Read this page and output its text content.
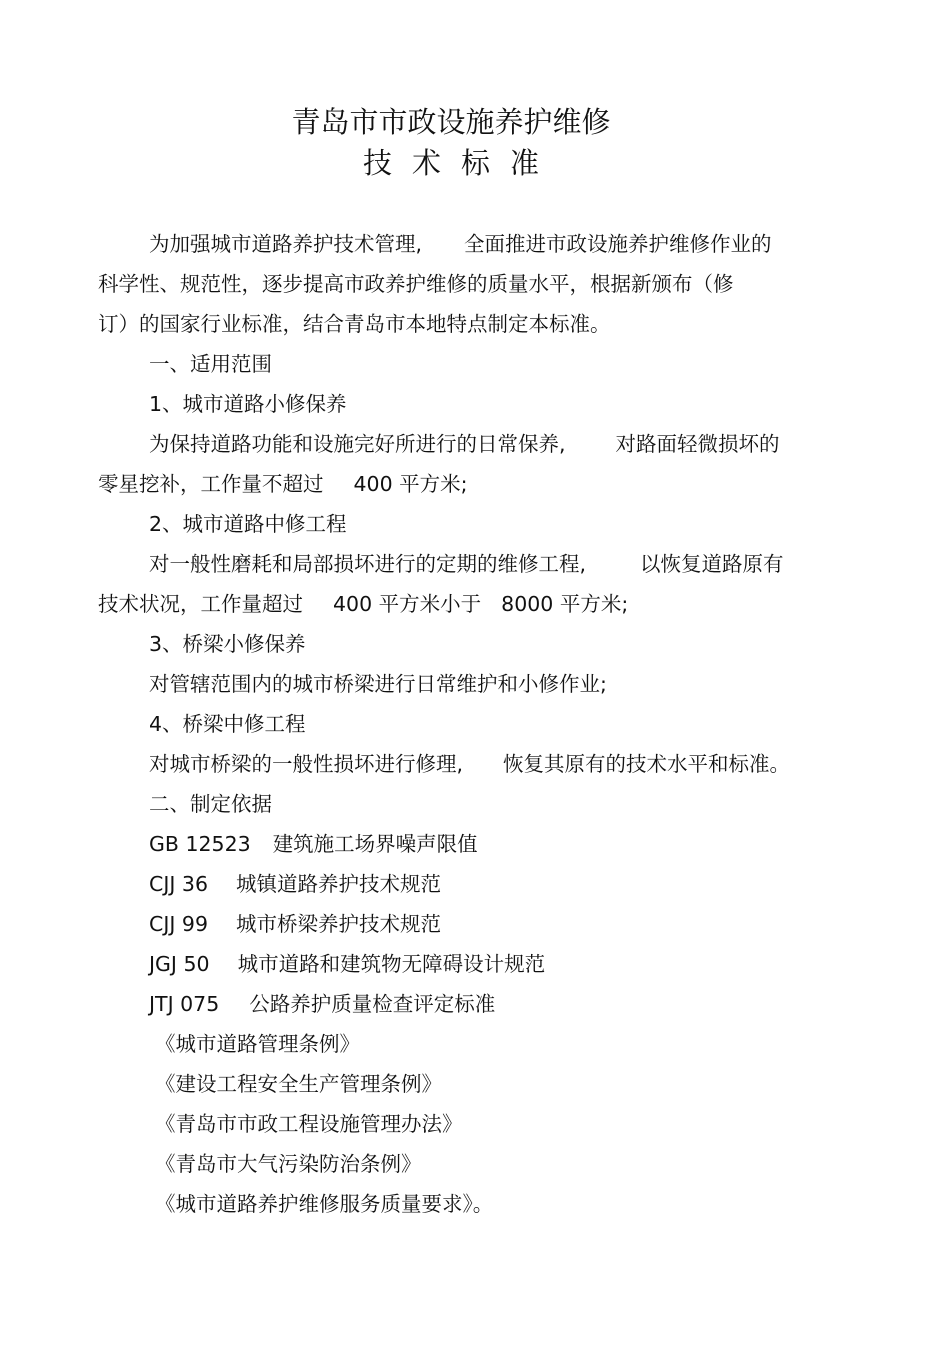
青岛市市政设施养护维修
技术标准
为加强城市道路养护技术管理, 全面推进市政设施养护维修作业的
科学性、规范性，逐步提高市政养护维修的质量水平，根据新颁布（修
订）的国家行业标准，结合青岛市本地特点制定本标准。
一、适用范围
1、城市道路小修保养
为保持道路功能和设施完好所进行的日常保养, 对路面轻微损坏的
零星挖补，工作量不超过 400 平方米;
2、城市道路中修工程
对一般性磨耗和局部损坏进行的定期的维修工程,	以恢复道路原有
技术状况，工作量超过 400 平方米小于 8000 平方米;
3、桥梁小修保养
对管辖范围内的城市桥梁进行日常维护和小修作业;
4、桥梁中修工程
对城市桥梁的一般性损坏进行修理, 恢复其原有的技术水平和标准。
二、制定依据
GB 12523 建筑施工场界噪声限值
CJJ 36 城镇道路养护技术规范
CJJ 99 城市桥梁养护技术规范
JGJ 50 城市道路和建筑物无障碍设计规范
JTJ 075 公路养护质量检查评定标准
《城市道路管理条例》
《建设工程安全生产管理条例》
《青岛市市政工程设施管理办法》
《青岛市大气污染防治条例》
《城市道路养护维修服务质量要求》。
